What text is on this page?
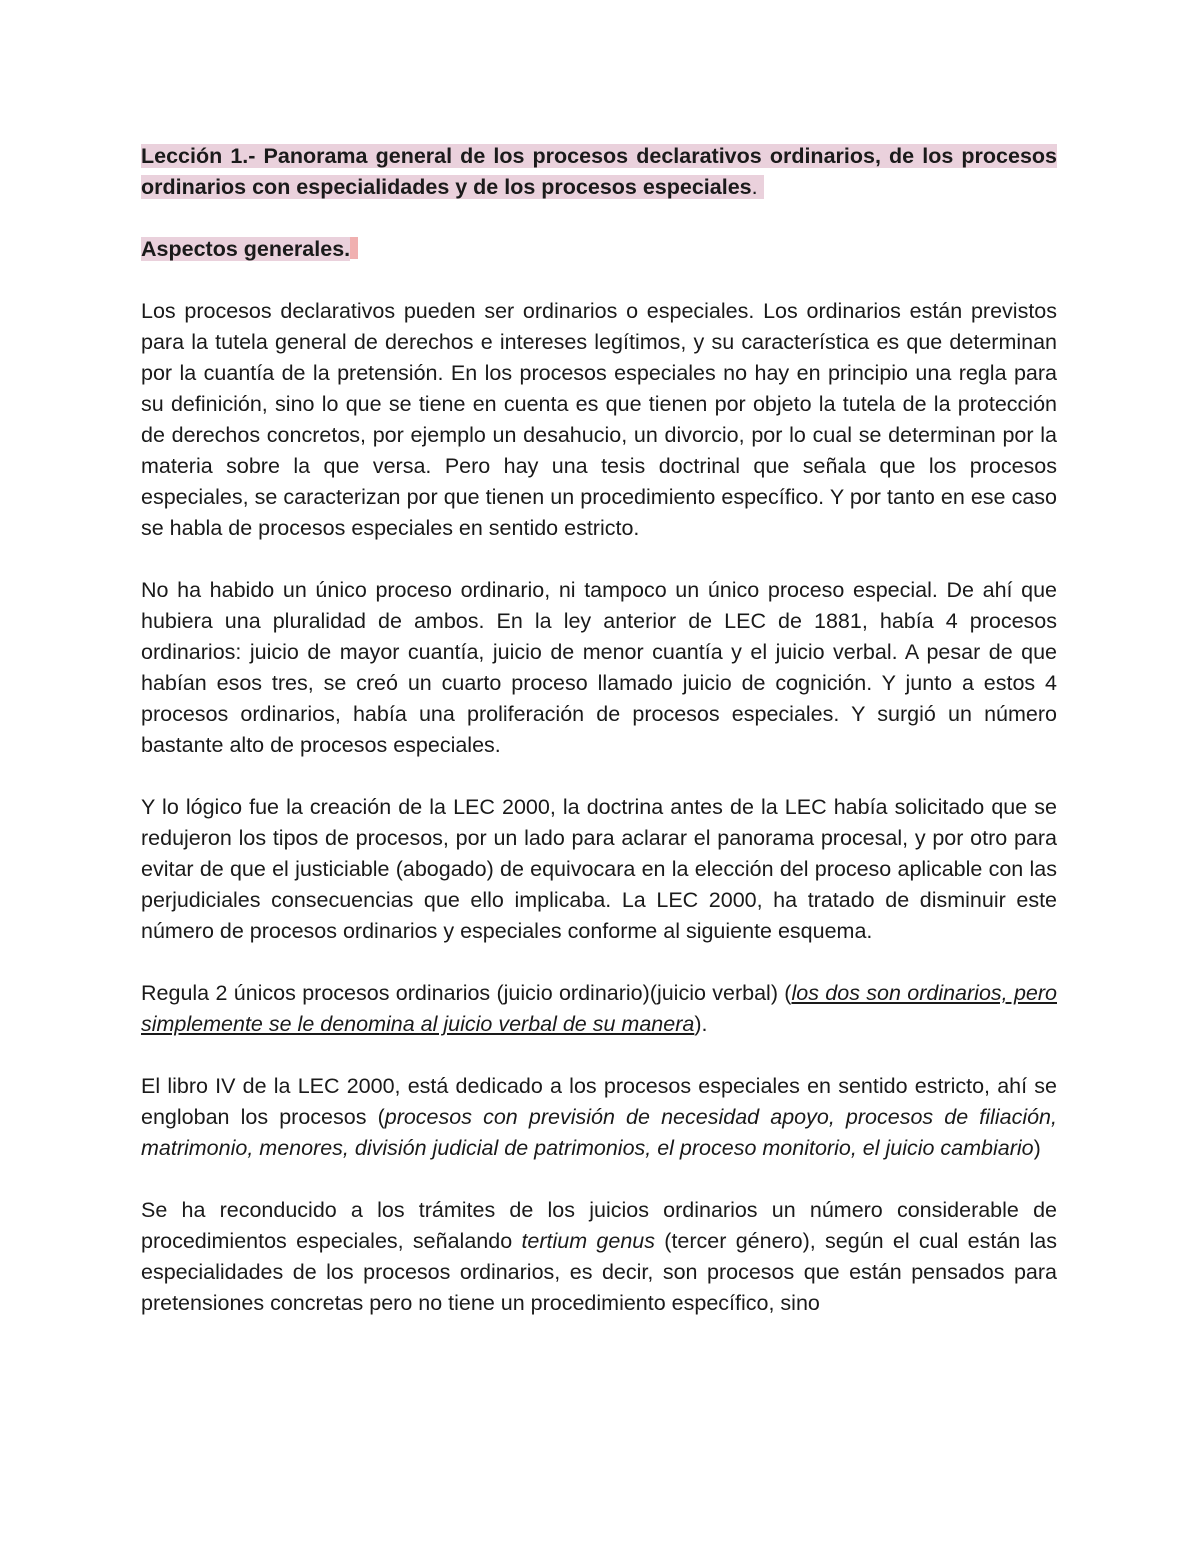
Lección 1.- Panorama general de los procesos declarativos ordinarios, de los procesos ordinarios con especialidades y de los procesos especiales.

Aspectos generales.

Los procesos declarativos pueden ser ordinarios o especiales. Los ordinarios están previstos para la tutela general de derechos e intereses legítimos, y su característica es que determinan por la cuantía de la pretensión. En los procesos especiales no hay en principio una regla para su definición, sino lo que se tiene en cuenta es que tienen por objeto la tutela de la protección de derechos concretos, por ejemplo un desahucio, un divorcio, por lo cual se determinan por la materia sobre la que versa. Pero hay una tesis doctrinal que señala que los procesos especiales, se caracterizan por que tienen un procedimiento específico. Y por tanto en ese caso se habla de procesos especiales en sentido estricto.

No ha habido un único proceso ordinario, ni tampoco un único proceso especial. De ahí que hubiera una pluralidad de ambos. En la ley anterior de LEC de 1881, había 4 procesos ordinarios: juicio de mayor cuantía, juicio de menor cuantía y el juicio verbal. A pesar de que habían esos tres, se creó un cuarto proceso llamado juicio de cognición. Y junto a estos 4 procesos ordinarios, había una proliferación de procesos especiales. Y surgió un número bastante alto de procesos especiales.

Y lo lógico fue la creación de la LEC 2000, la doctrina antes de la LEC había solicitado que se redujeron los tipos de procesos, por un lado para aclarar el panorama procesal, y por otro para evitar de que el justiciable (abogado) de equivocara en la elección del proceso aplicable con las perjudiciales consecuencias que ello implicaba. La LEC 2000, ha tratado de disminuir este número de procesos ordinarios y especiales conforme al siguiente esquema.

Regula 2 únicos procesos ordinarios (juicio ordinario)(juicio verbal) (los dos son ordinarios, pero simplemente se le denomina al juicio verbal de su manera).

El libro IV de la LEC 2000, está dedicado a los procesos especiales en sentido estricto, ahí se engloban los procesos (procesos con previsión de necesidad apoyo, procesos de filiación, matrimonio, menores, división judicial de patrimonios, el proceso monitorio, el juicio cambiario)

Se ha reconducido a los trámites de los juicios ordinarios un número considerable de procedimientos especiales, señalando tertium genus (tercer género), según el cual están las especialidades de los procesos ordinarios, es decir, son procesos que están pensados para pretensiones concretas pero no tiene un procedimiento específico, sino
